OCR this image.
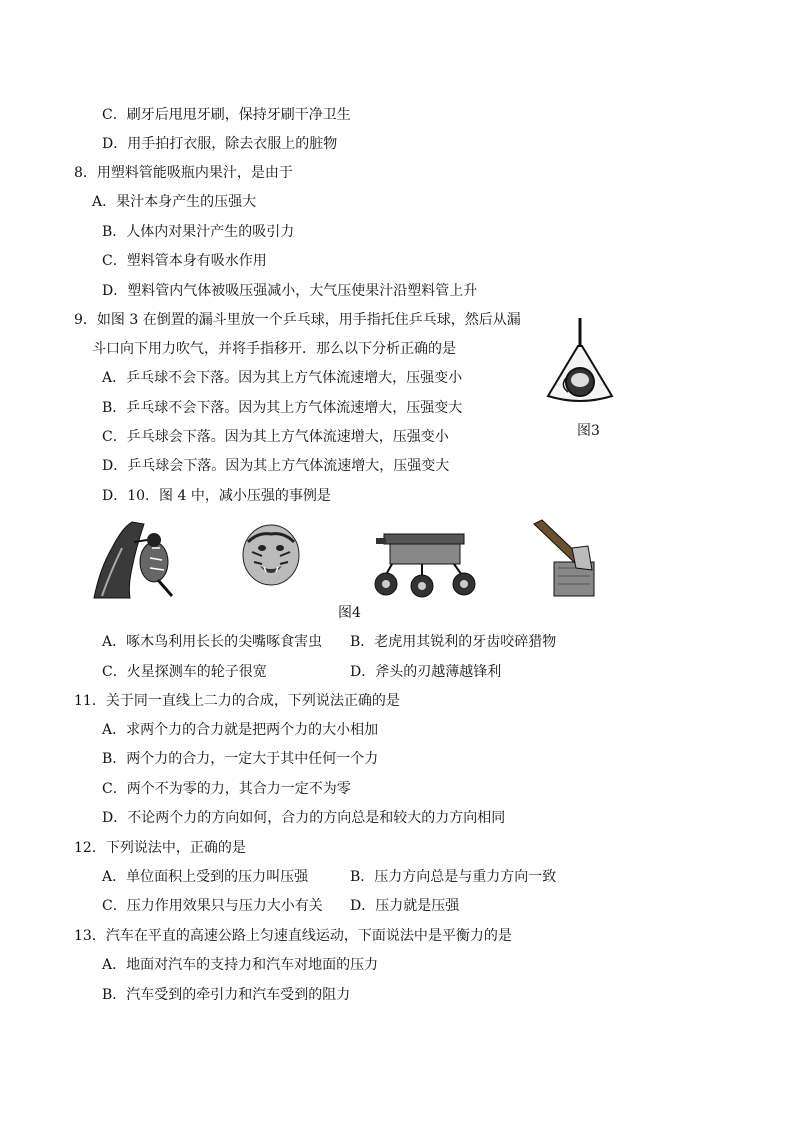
C．刷牙后甩甩牙刷，保持牙刷干净卫生
D．用手拍打衣服，除去衣服上的脏物
8．用塑料管能吸瓶内果汁，是由于
A．果汁本身产生的压强大
B．人体内对果汁产生的吸引力
C．塑料管本身有吸水作用
D．塑料管内气体被吸压强减小，大气压使果汁沿塑料管上升
9．如图 3 在倒置的漏斗里放一个乒乓球，用手指托住乒乓球，然后从漏
斗口向下用力吹气，并将手指移开．那么以下分析正确的是
A．乒乓球不会下落。因为其上方气体流速增大，压强变小
B．乒乓球不会下落。因为其上方气体流速增大，压强变大
C．乒乓球会下落。因为其上方气体流速增大，压强变小
D．乒乓球会下落。因为其上方气体流速增大，压强变大
图3
D．10．图 4 中，减小压强的事例是
图4
A．啄木鸟利用长长的尖嘴啄食害虫 B．老虎用其锐利的牙齿咬碎猎物
C．火星探测车的轮子很宽	D．斧头的刃越薄越锋利
11．关于同一直线上二力的合成，下列说法正确的是
A．求两个力的合力就是把两个力的大小相加
B．两个力的合力，一定大于其中任何一个力
C．两个不为零的力，其合力一定不为零
D．不论两个力的方向如何，合力的方向总是和较大的力方向相同
12．下列说法中，正确的是
A．单位面积上受到的压力叫压强	B．压力方向总是与重力方向一致
C．压力作用效果只与压力大小有关 D．压力就是压强
13．汽车在平直的高速公路上匀速直线运动，下面说法中是平衡力的是
A．地面对汽车的支持力和汽车对地面的压力
B．汽车受到的牵引力和汽车受到的阻力
